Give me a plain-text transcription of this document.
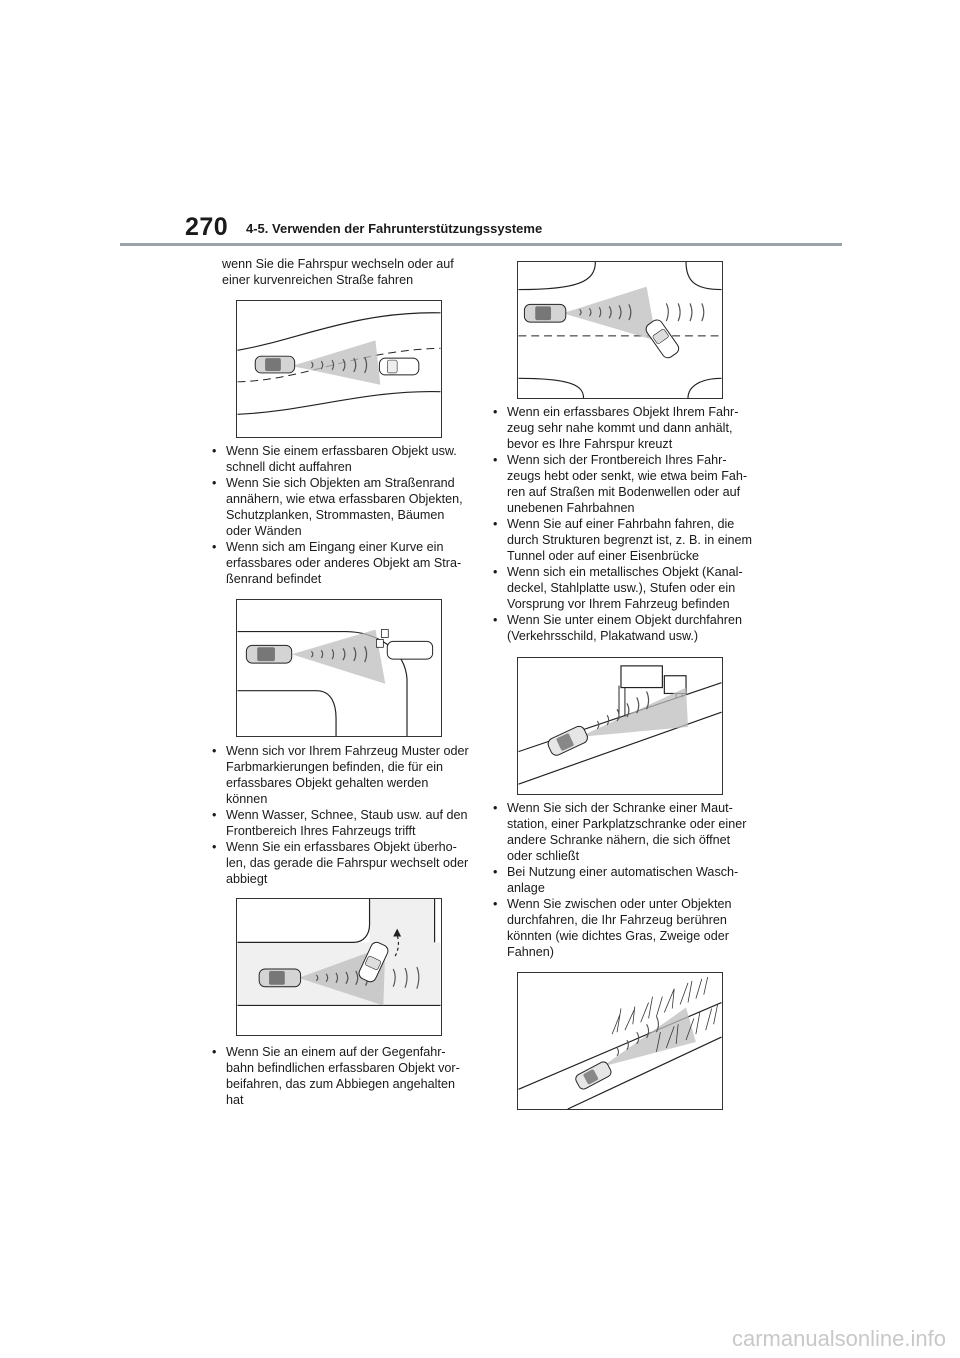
270 4-5. Verwenden der Fahrunterstützungssysteme

wenn Sie die Fahrspur wechseln oder auf einer kurvenreichen Straße fahren

• Wenn Sie einem erfassbaren Objekt usw. schnell dicht auffahren
• Wenn Sie sich Objekten am Straßenrand annähern, wie etwa erfassbaren Objekten, Schutzplanken, Strommasten, Bäumen oder Wänden
• Wenn sich am Eingang einer Kurve ein erfassbares oder anderes Objekt am Stra-ßenrand befindet
• Wenn sich vor Ihrem Fahrzeug Muster oder Farbmarkierungen befinden, die für ein erfassbares Objekt gehalten werden können
• Wenn Wasser, Schnee, Staub usw. auf den Frontbereich Ihres Fahrzeugs trifft
• Wenn Sie ein erfassbares Objekt überho-len, das gerade die Fahrspur wechselt oder abbiegt
• Wenn Sie an einem auf der Gegenfahr-bahn befindlichen erfassbaren Objekt vor-beifahren, das zum Abbiegen angehalten hat
• Wenn ein erfassbares Objekt Ihrem Fahr-zeug sehr nahe kommt und dann anhält, bevor es Ihre Fahrspur kreuzt
• Wenn sich der Frontbereich Ihres Fahr-zeugs hebt oder senkt, wie etwa beim Fah-ren auf Straßen mit Bodenwellen oder auf unebenen Fahrbahnen
• Wenn Sie auf einer Fahrbahn fahren, die durch Strukturen begrenzt ist, z. B. in einem Tunnel oder auf einer Eisenbrücke
• Wenn sich ein metallisches Objekt (Kanal-deckel, Stahlplatte usw.), Stufen oder ein Vorsprung vor Ihrem Fahrzeug befinden
• Wenn Sie unter einem Objekt durchfahren (Verkehrsschild, Plakatwand usw.)
• Wenn Sie sich der Schranke einer Maut-station, einer Parkplatzschranke oder einer andere Schranke nähern, die sich öffnet oder schließt
• Bei Nutzung einer automatischen Wasch-anlage
• Wenn Sie zwischen oder unter Objekten durchfahren, die Ihr Fahrzeug berühren könnten (wie dichtes Gras, Zweige oder Fahnen)
carmanualsonline.info
